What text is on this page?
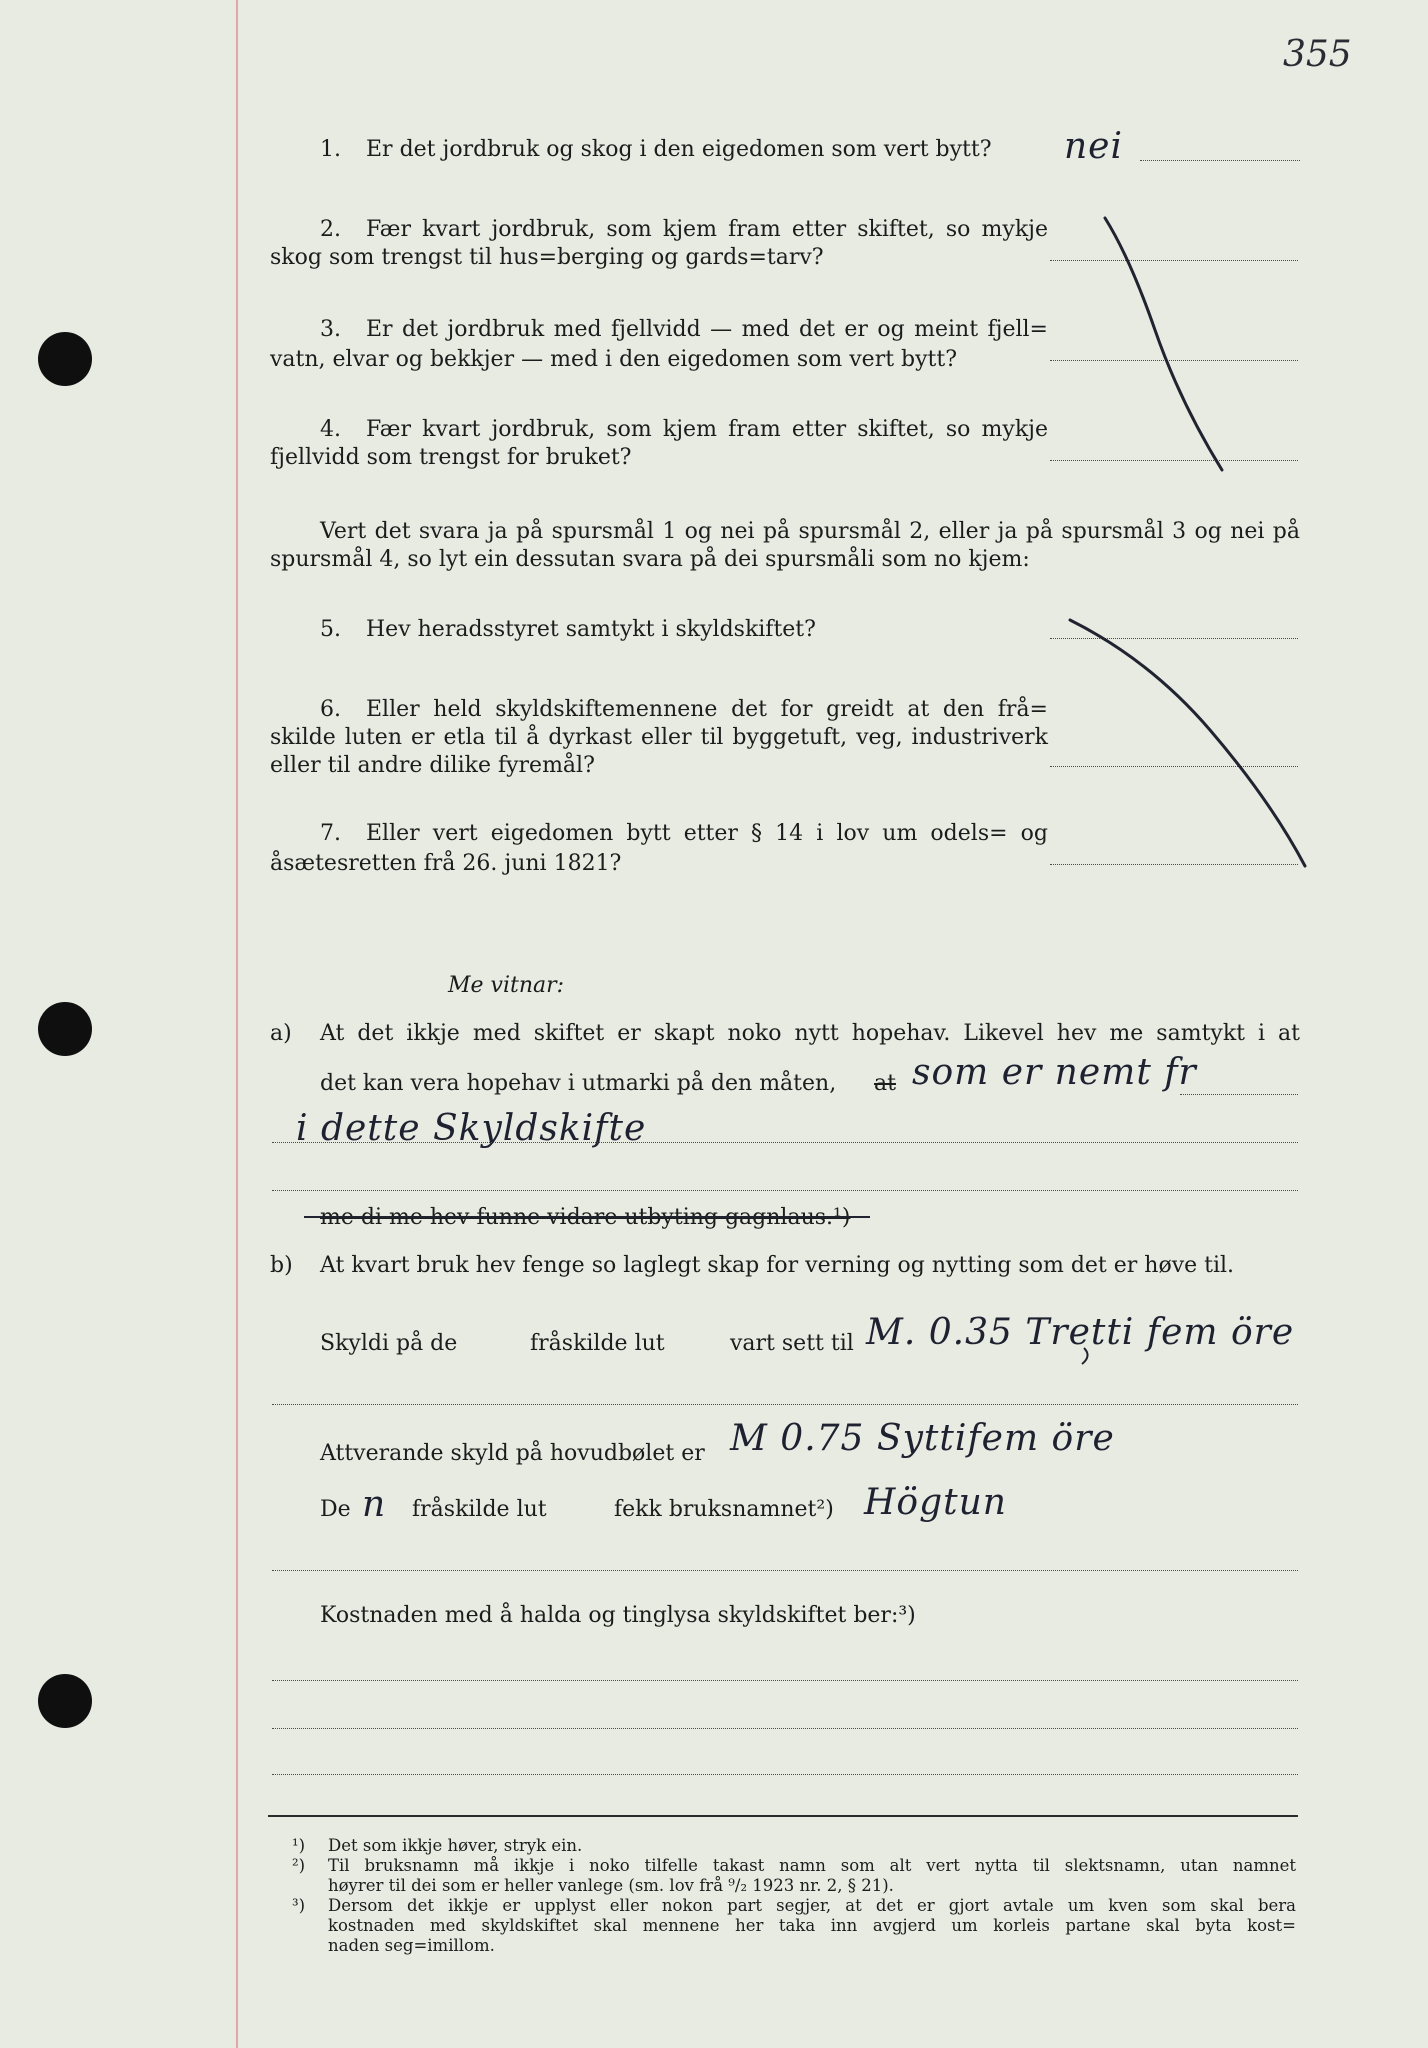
355
1. Er det jordbruk og skog i den eigedomen som vert bytt? nei
2. Fær kvart jordbruk, som kjem fram etter skiftet, so mykje
skog som trengst til hus=berging og gards=tarv?
3. Er det jordbruk med fjellvidd — med det er og meint fjell=
vatn, elvar og bekkjer — med i den eigedomen som vert bytt?
4. Fær kvart jordbruk, som kjem fram etter skiftet, so mykje
fjellvidd som trengst for bruket?
Vert det svara ja på spursmål 1 og nei på spursmål 2, eller ja på spursmål 3 og nei på
spursmål 4, so lyt ein dessutan svara på dei spursmåli som no kjem:
5. Hev heradsstyret samtykt i skyldskiftet?
6. Eller held skyldskiftemennene det for greidt at den frå=
skilde luten er etla til å dyrkast eller til byggetuft, veg, industriverk
eller til andre dilike fyremål?
7. Eller vert eigedomen bytt etter § 14 i lov um odels= og
åsætesretten frå 26. juni 1821?
Me vitnar:
a) At det ikkje med skiftet er skapt noko nytt hopehav. Likevel hev me samtykt i at
det kan vera hopehav i utmarki på den måten, at som er nemt fr
i dette Skyldskifte
me di me hev funne vidare utbyting gagnlaus.¹)
b) At kvart bruk hev fenge so laglegt skap for verning og nytting som det er høve til.
Skyldi på de	fråskilde lut	vart sett til M. 0.35 Tretti fem öre
Attverande skyld på hovudbølet er M 0.75 Syttifem öre
De n fråskilde lut	fekk bruksnamnet²) Högtun
Kostnaden med å halda og tinglysa skyldskiftet ber:³)
¹) Det som ikkje høver, stryk ein.
²) Til bruksnamn må ikkje i noko tilfelle takast namn som alt vert nytta til slektsnamn, utan namnet
høyrer til dei som er heller vanlege (sm. lov frå ⁹/₂ 1923 nr. 2, § 21).
³) Dersom det ikkje er upplyst eller nokon part segjer, at det er gjort avtale um kven som skal bera
kostnaden med skyldskiftet skal mennene her taka inn avgjerd um korleis partane skal byta kost=
naden seg=imillom.
